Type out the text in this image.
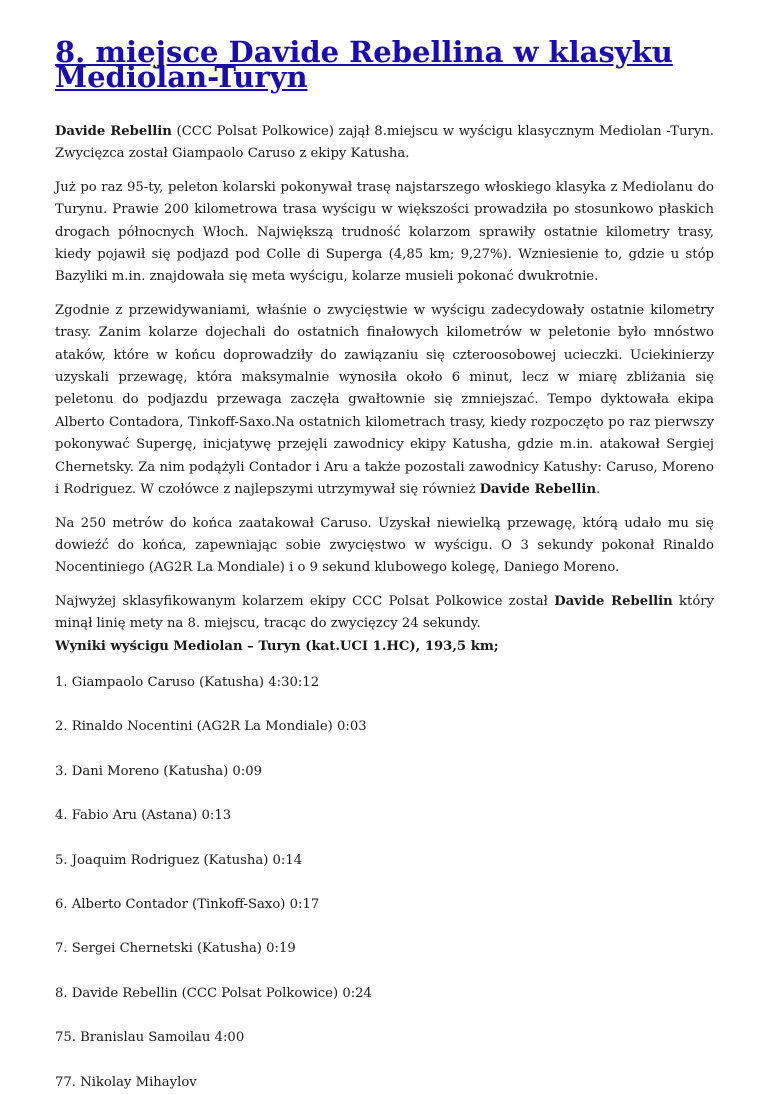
8. miejsce Davide Rebellina w klasyku Mediolan-Turyn

Davide Rebellin (CCC Polsat Polkowice) zajął 8.miejscu w wyścigu klasycznym Mediolan -Turyn. Zwycięzca został Giampaolo Caruso z ekipy Katusha.

Już po raz 95-ty, peleton kolarski pokonywał trasę najstarszego włoskiego klasyka z Mediolanu do Turynu. Prawie 200 kilometrowa trasa wyścigu w większości prowadziła po stosunkowo płaskich drogach północnych Włoch. Największą trudność kolarzom sprawiły ostatnie kilometry trasy, kiedy pojawił się podjazd pod Colle di Superga (4,85 km; 9,27%). Wzniesienie to, gdzie u stóp Bazyliki m.in. znajdowała się meta wyścigu, kolarze musieli pokonać dwukrotnie.

Zgodnie z przewidywaniami, właśnie o zwycięstwie w wyścigu zadecydowały ostatnie kilometry trasy. Zanim kolarze dojechali do ostatnich finałowych kilometrów w peletonie było mnóstwo ataków, które w końcu doprowadziły do zawiązaniu się czteroosobowej ucieczki. Uciekinierzy uzyskali przewagę, która maksymalnie wynosiła około 6 minut, lecz w miarę zbliżania się peletonu do podjazdu przewaga zaczęła gwałtownie się zmniejszać. Tempo dyktowała ekipa Alberto Contadora, Tinkoff-Saxo.Na ostatnich kilometrach trasy, kiedy rozpoczęto po raz pierwszy pokonywać Supergę, inicjatywę przejęli zawodnicy ekipy Katusha, gdzie m.in. atakował Sergiej Chernetsky. Za nim podążyli Contador i Aru a także pozostali zawodnicy Katushy: Caruso, Moreno i Rodriguez. W czołówce z najlepszymi utrzymywał się również Davide Rebellin.

Na 250 metrów do końca zaatakował Caruso. Uzyskał niewielką przewagę, którą udało mu się dowieźć do końca, zapewniając sobie zwycięstwo w wyścigu. O 3 sekundy pokonał Rinaldo Nocentiniego (AG2R La Mondiale) i o 9 sekund klubowego kolegę, Daniego Moreno.

Najwyżej sklasyfikowanym kolarzem ekipy CCC Polsat Polkowice został Davide Rebellin który minął linię mety na 8. miejscu, tracąc do zwycięzcy 24 sekundy.

Wyniki wyścigu Mediolan – Turyn (kat.UCI 1.HC), 193,5 km;

1. Giampaolo Caruso (Katusha) 4:30:12

2. Rinaldo Nocentini (AG2R La Mondiale) 0:03

3. Dani Moreno (Katusha) 0:09

4. Fabio Aru (Astana) 0:13

5. Joaquim Rodriguez (Katusha) 0:14

6. Alberto Contador (Tinkoff-Saxo) 0:17

7. Sergei Chernetski (Katusha) 0:19

8. Davide Rebellin (CCC Polsat Polkowice) 0:24

75. Branislau Samoilau 4:00

77. Nikolay Mihaylov
